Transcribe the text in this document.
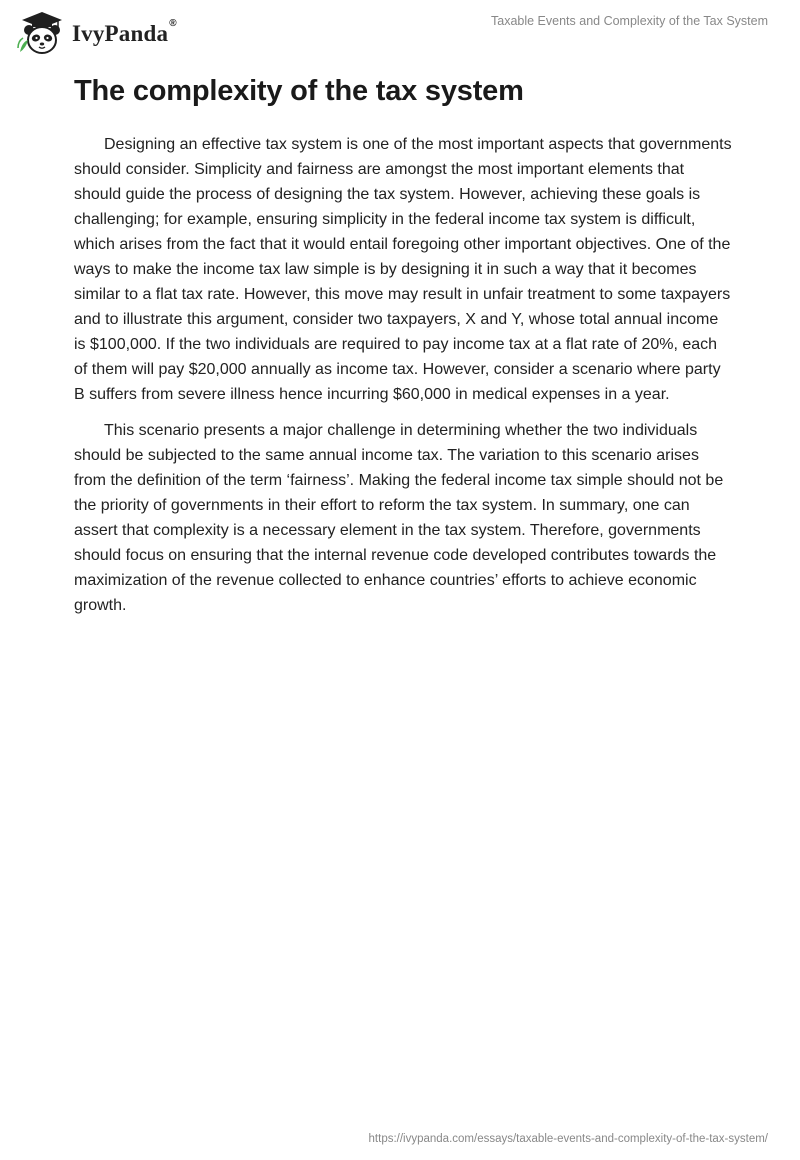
IvyPanda®	Taxable Events and Complexity of the Tax System
The complexity of the tax system

Designing an effective tax system is one of the most important aspects that governments should consider. Simplicity and fairness are amongst the most important elements that should guide the process of designing the tax system. However, achieving these goals is challenging; for example, ensuring simplicity in the federal income tax system is difficult, which arises from the fact that it would entail foregoing other important objectives. One of the ways to make the income tax law simple is by designing it in such a way that it becomes similar to a flat tax rate. However, this move may result in unfair treatment to some taxpayers and to illustrate this argument, consider two taxpayers, X and Y, whose total annual income is $100,000. If the two individuals are required to pay income tax at a flat rate of 20%, each of them will pay $20,000 annually as income tax. However, consider a scenario where party B suffers from severe illness hence incurring $60,000 in medical expenses in a year.

This scenario presents a major challenge in determining whether the two individuals should be subjected to the same annual income tax. The variation to this scenario arises from the definition of the term ‘fairness’. Making the federal income tax simple should not be the priority of governments in their effort to reform the tax system. In summary, one can assert that complexity is a necessary element in the tax system. Therefore, governments should focus on ensuring that the internal revenue code developed contributes towards the maximization of the revenue collected to enhance countries’ efforts to achieve economic growth.

https://ivypanda.com/essays/taxable-events-and-complexity-of-the-tax-system/
